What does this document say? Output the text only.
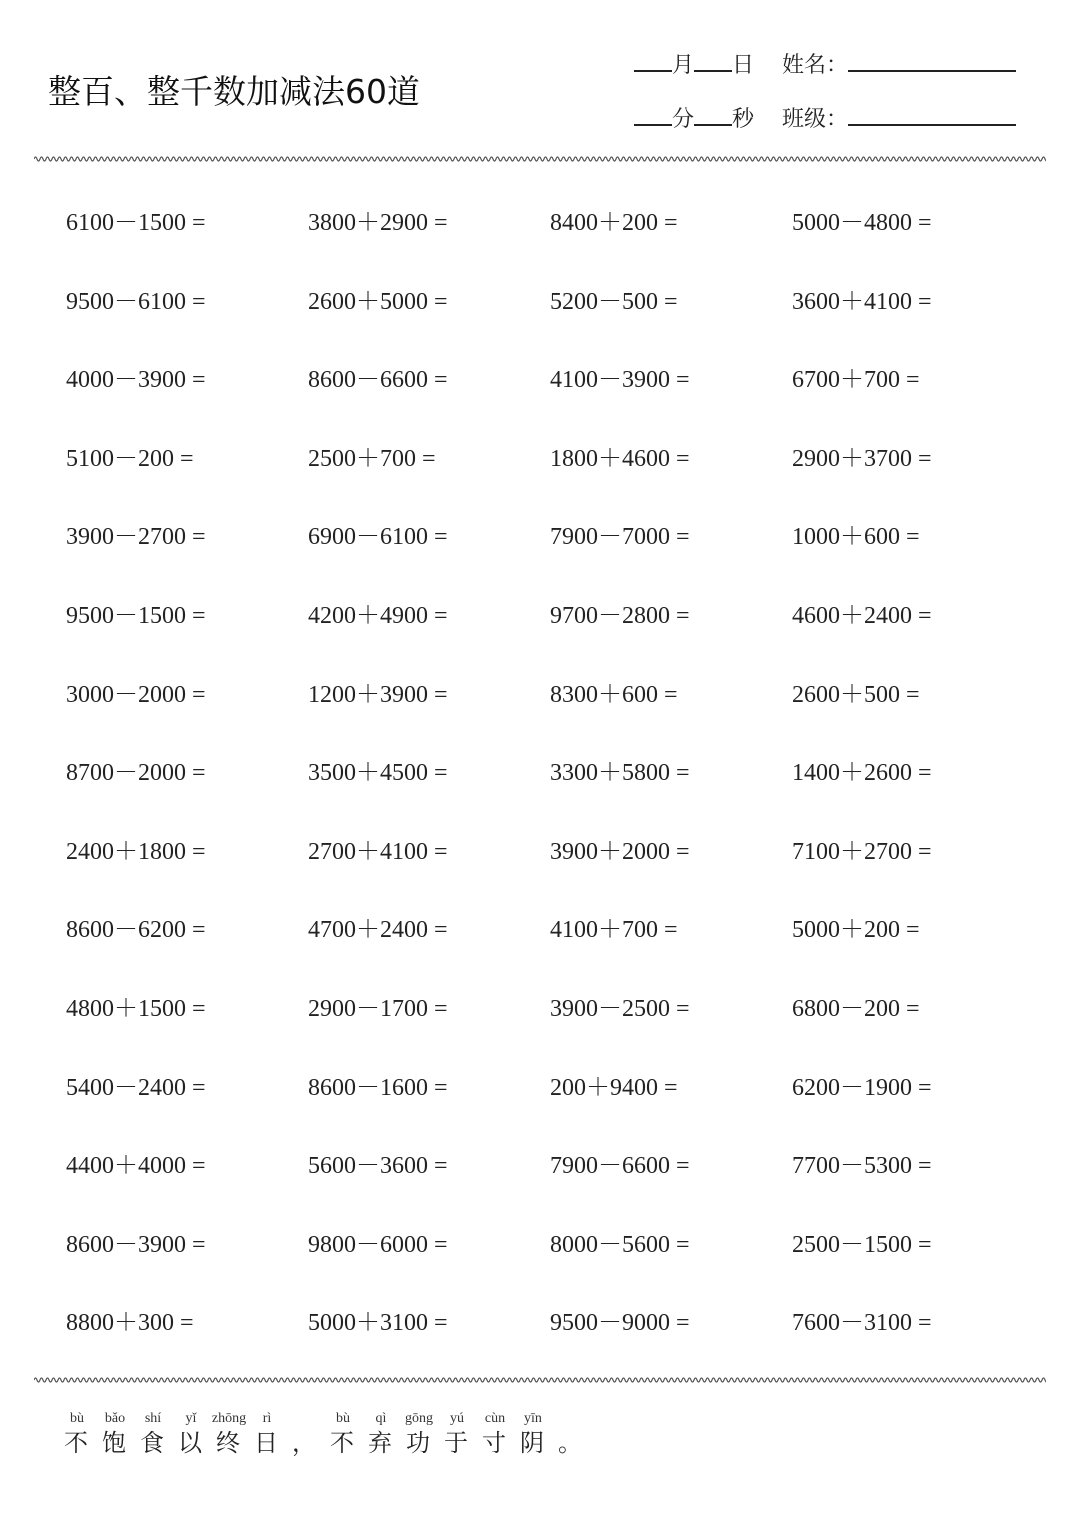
整百、整千数加减法60道
月 日 姓名：
分 秒 班级：
6100－1500 =	3800＋2900 =	8400＋200 =	5000－4800 =
9500－6100 =	2600＋5000 =	5200－500 =	3600＋4100 =
4000－3900 =	8600－6600 =	4100－3900 =	6700＋700 =
5100－200 =	2500＋700 =	1800＋4600 =	2900＋3700 =
3900－2700 =	6900－6100 =	7900－7000 =	1000＋600 =
9500－1500 =	4200＋4900 =	9700－2800 =	4600＋2400 =
3000－2000 =	1200＋3900 =	8300＋600 =	2600＋500 =
8700－2000 =	3500＋4500 =	3300＋5800 =	1400＋2600 =
2400＋1800 =	2700＋4100 =	3900＋2000 =	7100＋2700 =
8600－6200 =	4700＋2400 =	4100＋700 =	5000＋200 =
4800＋1500 =	2900－1700 =	3900－2500 =	6800－200 =
5400－2400 =	8600－1600 =	200＋9400 =	6200－1900 =
4400＋4000 =	5600－3600 =	7900－6600 =	7700－5300 =
8600－3900 =	9800－6000 =	8000－5600 =	2500－1500 =
8800＋300 =	5000＋3100 =	9500－9000 =	7600－3100 =
bù
不
bǎo
饱
shí
食
yǐ
以
zhōng
终
rì
日 ，
bù
不
qì
弃
gōng
功
yú
于
cùn
寸
yīn
阴 。
